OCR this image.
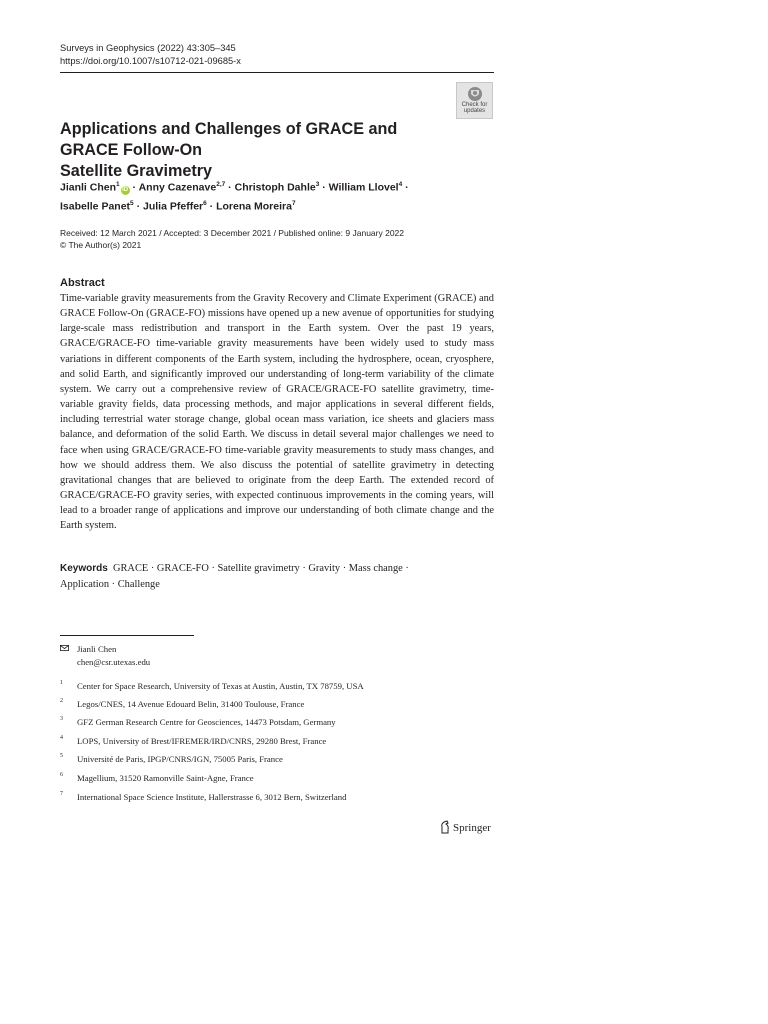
Surveys in Geophysics (2022) 43:305–345
https://doi.org/10.1007/s10712-021-09685-x
Check for
updates
Applications and Challenges of GRACE and GRACE Follow-On
Satellite Gravimetry
Jianli Chen$^1$iD · Anny Cazenave$^{2,7}$ · Christoph Dahle$^3$ · William Llovel$^4$ ·
Isabelle Panet$^5$ · Julia Pfeffer$^6$ · Lorena Moreira$^7$
Received: 12 March 2021 / Accepted: 3 December 2021 / Published online: 9 January 2022
© The Author(s) 2021
Abstract
Time-variable gravity measurements from the Gravity Recovery and Climate Experiment (GRACE) and GRACE Follow-On (GRACE-FO) missions have opened up a new avenue of opportunities for studying large-scale mass redistribution and transport in the Earth system. Over the past 19 years, GRACE/GRACE-FO time-variable gravity measurements have been widely used to study mass variations in different components of the Earth system, including the hydrosphere, ocean, cryosphere, and solid Earth, and significantly improved our understanding of long-term variability of the climate system. We carry out a comprehensive review of GRACE/GRACE-FO satellite gravimetry, time-variable gravity fields, data processing methods, and major applications in several different fields, including terrestrial water storage change, global ocean mass variation, ice sheets and glaciers mass balance, and deformation of the solid Earth. We discuss in detail several major challenges we need to face when using GRACE/GRACE-FO time-variable gravity measurements to study mass changes, and how we should address them. We also discuss the potential of satellite gravimetry in detecting gravitational changes that are believed to originate from the deep Earth. The extended record of GRACE/GRACE-FO gravity series, with expected continuous improvements in the coming years, will lead to a broader range of applications and improve our understanding of both climate change and the Earth system.
Keywords GRACE · GRACE-FO · Satellite gravimetry · Gravity · Mass change ·
Application · Challenge
Jianli Chen
chen@csr.utexas.edu
1 Center for Space Research, University of Texas at Austin, Austin, TX 78759, USA
2 Legos/CNES, 14 Avenue Edouard Belin, 31400 Toulouse, France
3 GFZ German Research Centre for Geosciences, 14473 Potsdam, Germany
4 LOPS, University of Brest/IFREMER/IRD/CNRS, 29280 Brest, France
5 Université de Paris, IPGP/CNRS/IGN, 75005 Paris, France
6 Magellium, 31520 Ramonville Saint-Agne, France
7 International Space Science Institute, Hallerstrasse 6, 3012 Bern, Switzerland
Springer
